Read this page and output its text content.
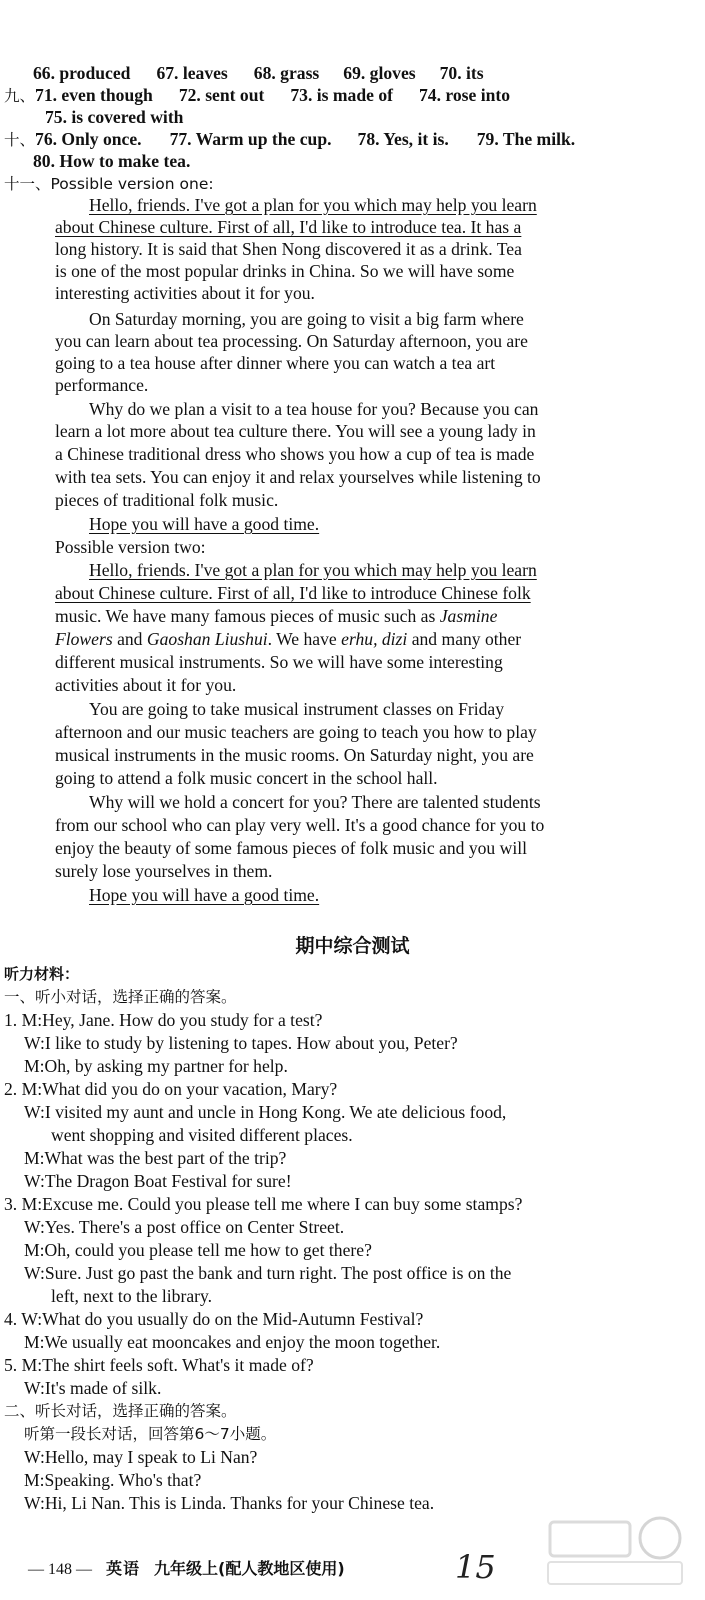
66. produced 67. leaves 68. grass 69. gloves 70. its
九、71. even though 72. sent out 73. is made of 74. rose into
75. is covered with
十、76. Only once. 77. Warm up the cup. 78. Yes, it is. 79. The milk.
80. How to make tea.
十一、Possible version one:
Hello, friends. I've got a plan for you which may help you learn
about Chinese culture. First of all, I'd like to introduce tea. It has a
long history. It is said that Shen Nong discovered it as a drink. Tea
is one of the most popular drinks in China. So we will have some
interesting activities about it for you.
On Saturday morning, you are going to visit a big farm where
you can learn about tea processing. On Saturday afternoon, you are
going to a tea house after dinner where you can watch a tea art
performance.
Why do we plan a visit to a tea house for you? Because you can
learn a lot more about tea culture there. You will see a young lady in
a Chinese traditional dress who shows you how a cup of tea is made
with tea sets. You can enjoy it and relax yourselves while listening to
pieces of traditional folk music.
Hope you will have a good time.
Possible version two:
Hello, friends. I've got a plan for you which may help you learn
about Chinese culture. First of all, I'd like to introduce Chinese folk
music. We have many famous pieces of music such as Jasmine
Flowers and Gaoshan Liushui. We have erhu, dizi and many other
different musical instruments. So we will have some interesting
activities about it for you.
You are going to take musical instrument classes on Friday
afternoon and our music teachers are going to teach you how to play
musical instruments in the music rooms. On Saturday night, you are
going to attend a folk music concert in the school hall.
Why will we hold a concert for you? There are talented students
from our school who can play very well. It's a good chance for you to
enjoy the beauty of some famous pieces of folk music and you will
surely lose yourselves in them.
Hope you will have a good time.
期中综合测试
听力材料：
一、听小对话，选择正确的答案。
1. M:Hey, Jane. How do you study for a test?
W:I like to study by listening to tapes. How about you, Peter?
M:Oh, by asking my partner for help.
2. M:What did you do on your vacation, Mary?
W:I visited my aunt and uncle in Hong Kong. We ate delicious food,
went shopping and visited different places.
M:What was the best part of the trip?
W:The Dragon Boat Festival for sure!
3. M:Excuse me. Could you please tell me where I can buy some stamps?
W:Yes. There's a post office on Center Street.
M:Oh, could you please tell me how to get there?
W:Sure. Just go past the bank and turn right. The post office is on the
left, next to the library.
4. W:What do you usually do on the Mid-Autumn Festival?
M:We usually eat mooncakes and enjoy the moon together.
5. M:The shirt feels soft. What's it made of?
W:It's made of silk.
二、听长对话，选择正确的答案。
听第一段长对话，回答第6～7小题。
W:Hello, may I speak to Li Nan?
M:Speaking. Who's that?
W:Hi, Li Nan. This is Linda. Thanks for your Chinese tea.
— 148 — 英语 九年级上(配人教地区使用)	15
